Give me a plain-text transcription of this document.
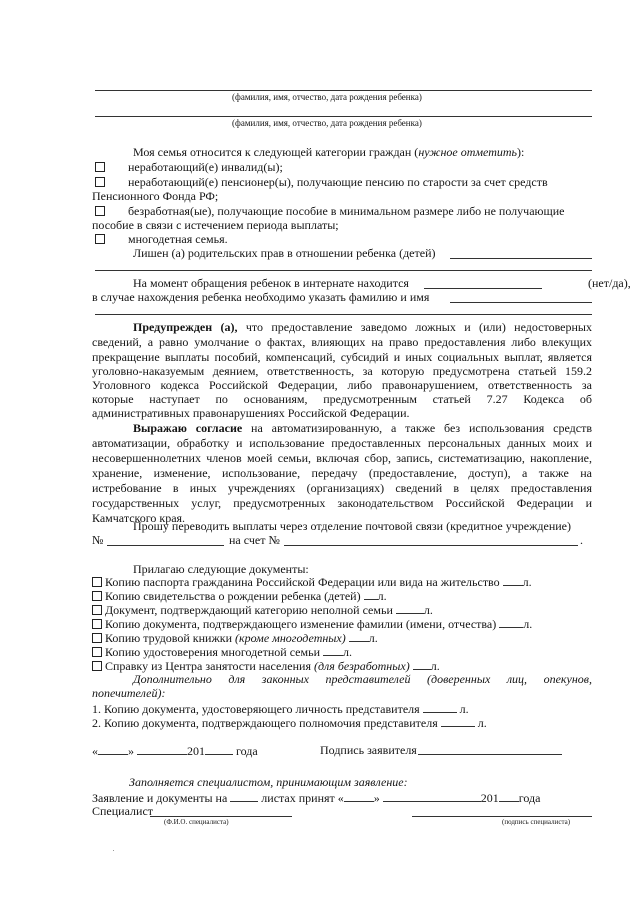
(фамилия, имя, отчество, дата рождения ребенка)
(фамилия, имя, отчество, дата рождения ребенка)
Моя семья относится к следующей категории граждан (нужное отметить):
неработающий(е) инвалид(ы);
неработающий(е) пенсионер(ы), получающие пенсию по старости за счет средств
Пенсионного Фонда РФ;
безработная(ые), получающие пособие в минимальном размере либо не получающие
пособие в связи с истечением периода выплаты;
многодетная семья.
Лишен (а) родительских прав в отношении ребенка (детей)
На момент обращения ребенок в интернате находится	(нет/да),
в случае нахождения ребенка необходимо указать фамилию и имя
Предупрежден (а), что предоставление заведомо ложных и (или) недостоверных
сведений, а равно умолчание о фактах, влияющих на право предоставления либо влекущих
прекращение выплаты пособий, компенсаций, субсидий и иных социальных выплат, является
уголовно-наказуемым деянием, ответственность, за которую предусмотрена статьей 159.2
Уголовного кодекса Российской Федерации, либо правонарушением, ответственность за
которые наступает по основаниям, предусмотренным статьей 7.27 Кодекса об
административных правонарушениях Российской Федерации.
Выражаю согласие на автоматизированную, а также без использования средств
автоматизации, обработку и использование предоставленных персональных данных моих и
несовершеннолетних членов моей семьи, включая сбор, запись, систематизацию, накопление,
хранение, изменение, использование, передачу (предоставление, доступ), а также на
истребование в иных учреждениях (организациях) сведений в целях предоставления
государственных услуг, предусмотренных законодательством Российской Федерации и
Камчатского края.
Прошу переводить выплаты через отделение почтовой связи (кредитное учреждение)
№	на счет №	.
Прилагаю следующие документы:
Копию паспорта гражданина Российской Федерации или вида на жительство л.
Копию свидетельства о рождении ребенка (детей) л.
Документ, подтверждающий категорию неполной семьи	л.
Копию документа, подтверждающего изменение фамилии (имени, отчества) л.
Копию трудовой книжки (кроме многодетных) л.
Копию удостоверения многодетной семьи л.
Справку из Центра занятости населения (для безработных) л.
Дополнительно для законных представителей (доверенных лиц, опекунов,
попечителей):
1. Копию документа, удостоверяющего личность представителя	л.
2. Копию документа, подтверждающего полномочия представителя	л.
«	»	201	года	Подпись заявителя
Заполняется специалистом, принимающим заявление:
Заявление и документы на	листах принят «	»	201 года
Специалист
(Ф.И.О. специалиста)	(подпись специалиста)
